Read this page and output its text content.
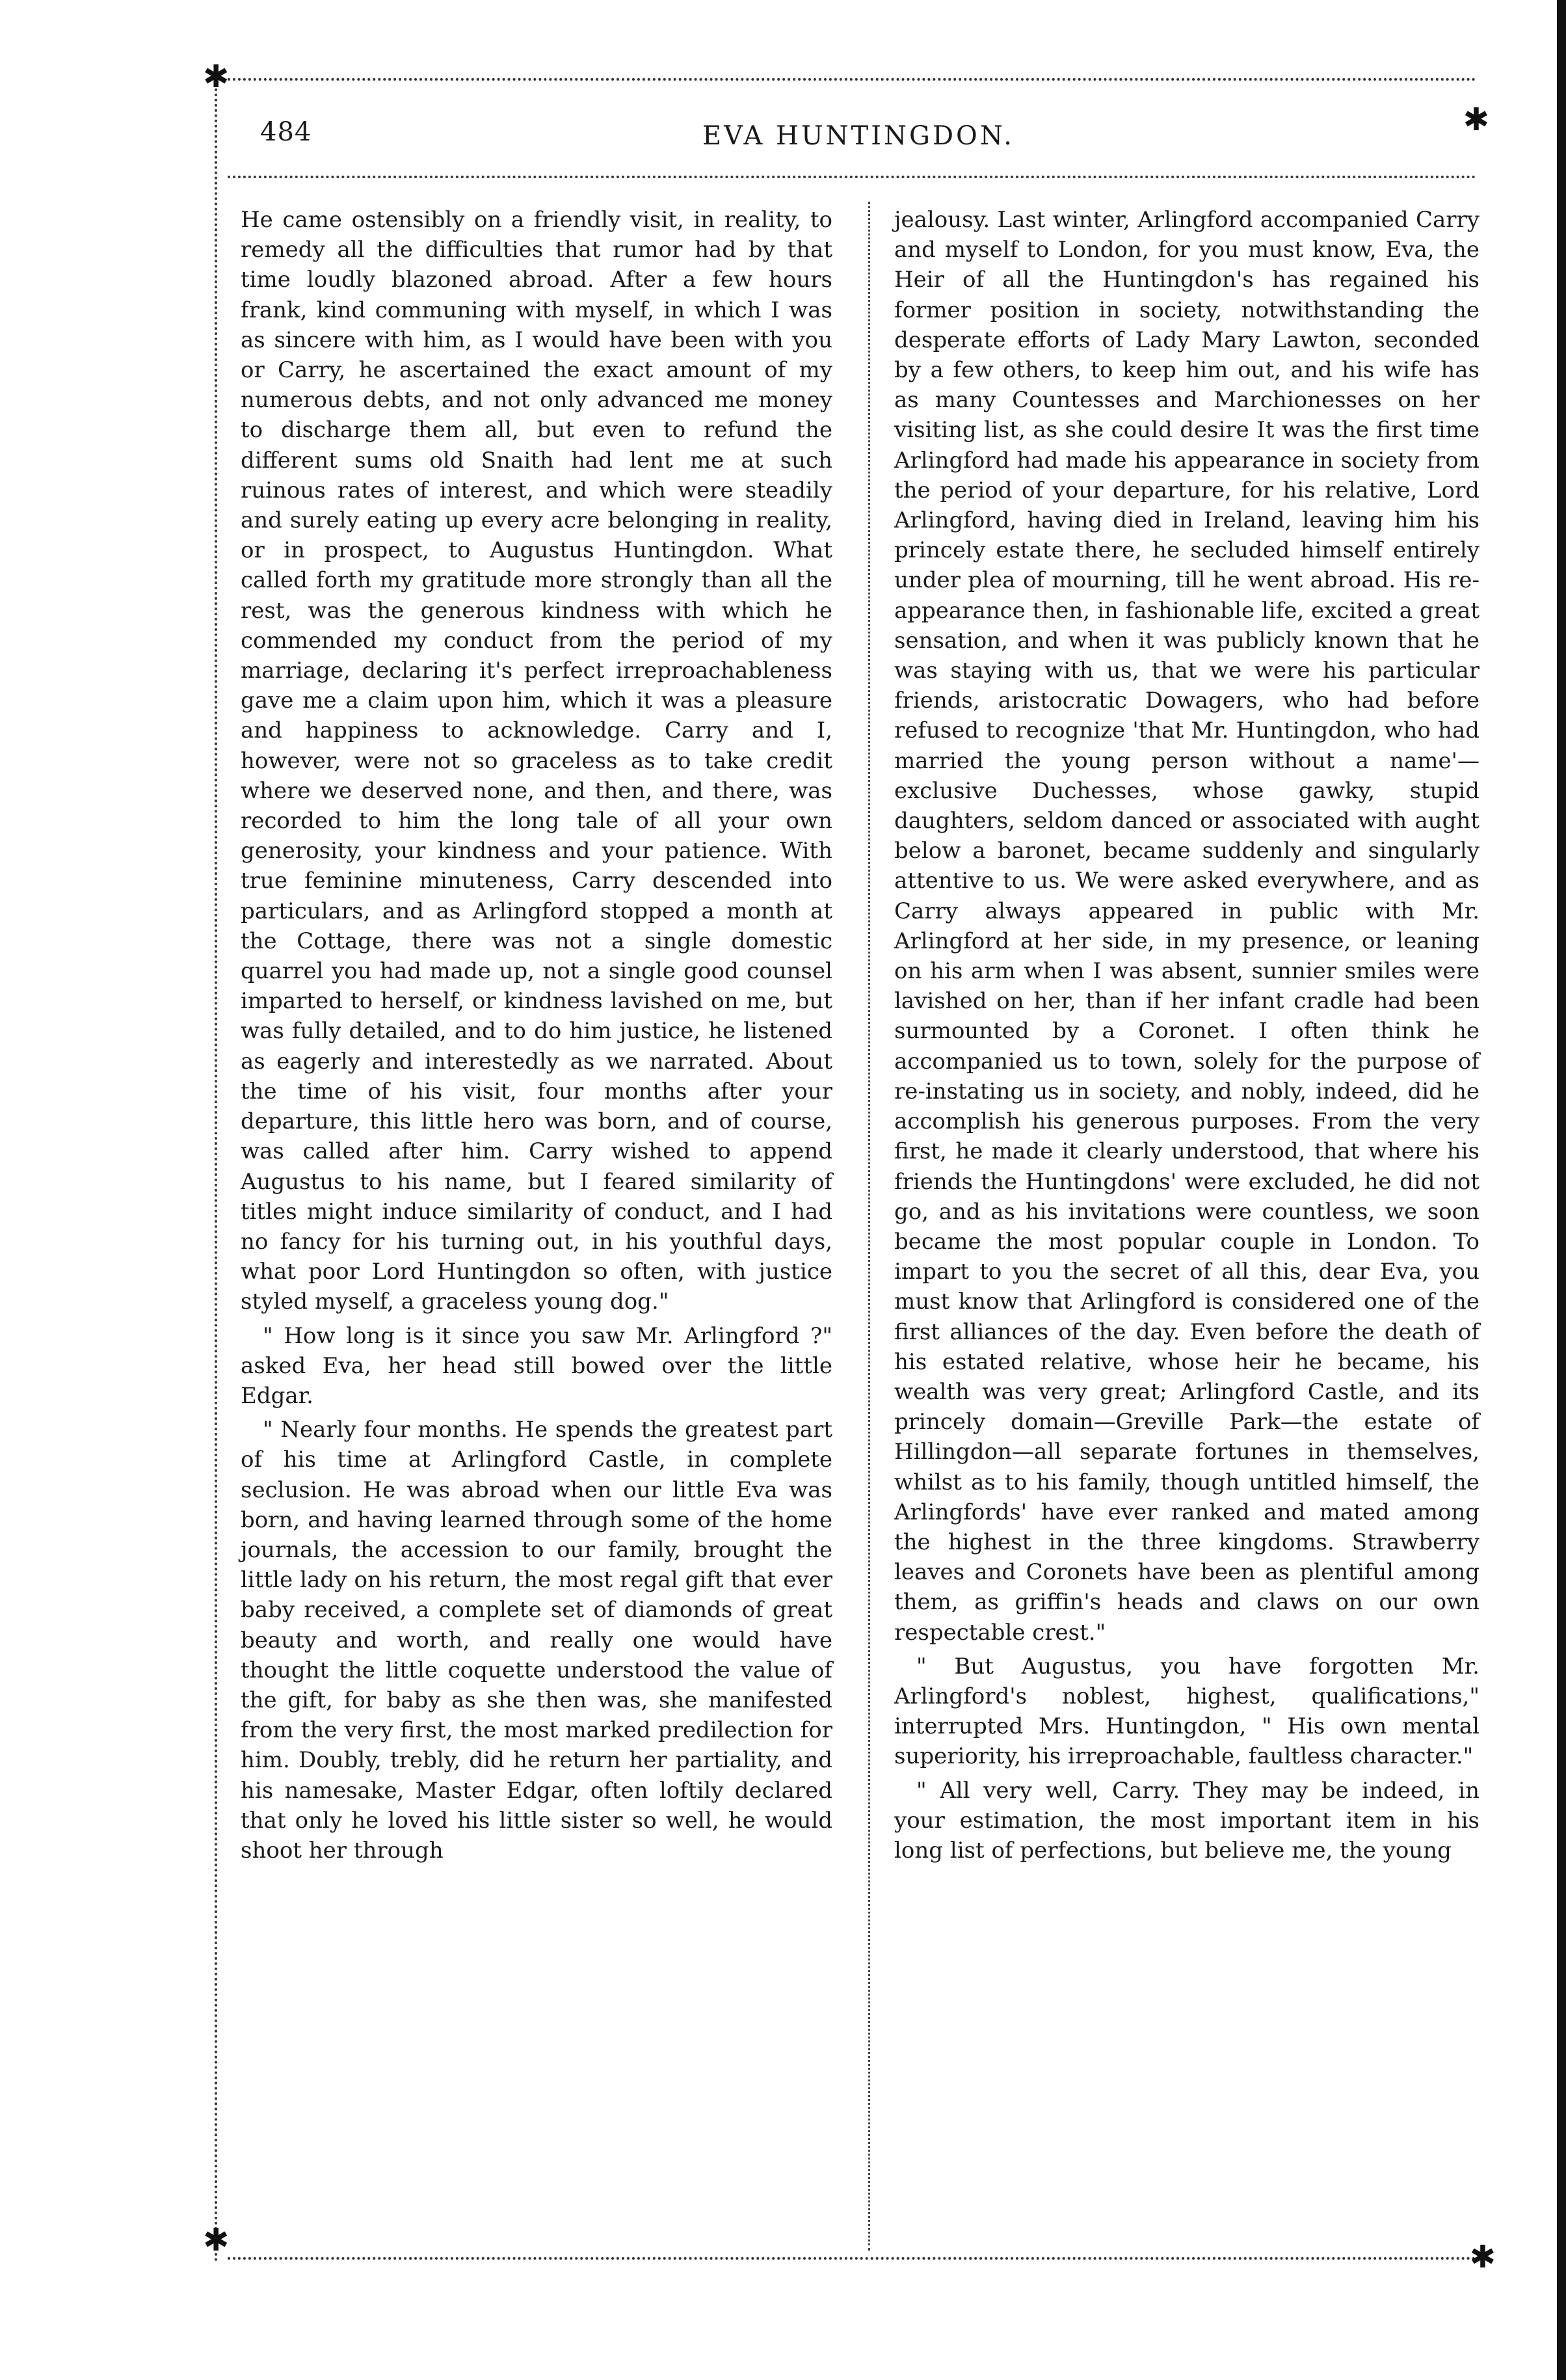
✱
✱
✱
✱
484	EVA HUNTINGDON.

He came ostensibly on a friendly visit, in reality, to remedy all the difficulties that rumor had by that time loudly blazoned abroad. After a few hours frank, kind communing with myself, in which I was as sincere with him, as I would have been with you or Carry, he ascertained the exact amount of my numerous debts, and not only advanced me money to discharge them all, but even to refund the different sums old Snaith had lent me at such ruinous rates of interest, and which were steadily and surely eating up every acre belonging in reality, or in prospect, to Augustus Huntingdon. What called forth my gratitude more strongly than all the rest, was the generous kindness with which he commended my conduct from the period of my marriage, declaring it's perfect irreproachableness gave me a claim upon him, which it was a pleasure and happiness to acknowledge. Carry and I, however, were not so graceless as to take credit where we deserved none, and then, and there, was recorded to him the long tale of all your own generosity, your kindness and your patience. With true feminine minuteness, Carry descended into particulars, and as Arlingford stopped a month at the Cottage, there was not a single domestic quarrel you had made up, not a single good counsel imparted to herself, or kindness lavished on me, but was fully detailed, and to do him justice, he listened as eagerly and interestedly as we narrated. About the time of his visit, four months after your departure, this little hero was born, and of course, was called after him. Carry wished to append Augustus to his name, but I feared similarity of titles might induce similarity of conduct, and I had no fancy for his turning out, in his youthful days, what poor Lord Huntingdon so often, with justice styled myself, a graceless young dog."

" How long is it since you saw Mr. Arlingford ?" asked Eva, her head still bowed over the little Edgar.

" Nearly four months. He spends the greatest part of his time at Arlingford Castle, in complete seclusion. He was abroad when our little Eva was born, and having learned through some of the home journals, the accession to our family, brought the little lady on his return, the most regal gift that ever baby received, a complete set of diamonds of great beauty and worth, and really one would have thought the little coquette understood the value of the gift, for baby as she then was, she manifested from the very first, the most marked predilection for him. Doubly, trebly, did he return her partiality, and his namesake, Master Edgar, often loftily declared that only he loved his little sister so well, he would shoot her through

jealousy. Last winter, Arlingford accompanied Carry and myself to London, for you must know, Eva, the Heir of all the Huntingdon's has regained his former position in society, notwithstanding the desperate efforts of Lady Mary Lawton, seconded by a few others, to keep him out, and his wife has as many Countesses and Marchionesses on her visiting list, as she could desire It was the first time Arlingford had made his appearance in society from the period of your departure, for his relative, Lord Arlingford, having died in Ireland, leaving him his princely estate there, he secluded himself entirely under plea of mourning, till he went abroad. His re-appearance then, in fashionable life, excited a great sensation, and when it was publicly known that he was staying with us, that we were his particular friends, aristocratic Dowagers, who had before refused to recognize 'that Mr. Huntingdon, who had married the young person without a name'—exclusive Duchesses, whose gawky, stupid daughters, seldom danced or associated with aught below a baronet, became suddenly and singularly attentive to us. We were asked everywhere, and as Carry always appeared in public with Mr. Arlingford at her side, in my presence, or leaning on his arm when I was absent, sunnier smiles were lavished on her, than if her infant cradle had been surmounted by a Coronet. I often think he accompanied us to town, solely for the purpose of re-instating us in society, and nobly, indeed, did he accomplish his generous purposes. From the very first, he made it clearly understood, that where his friends the Huntingdons' were excluded, he did not go, and as his invitations were countless, we soon became the most popular couple in London. To impart to you the secret of all this, dear Eva, you must know that Arlingford is considered one of the first alliances of the day. Even before the death of his estated relative, whose heir he became, his wealth was very great; Arlingford Castle, and its princely domain—Greville Park—the estate of Hillingdon—all separate fortunes in themselves, whilst as to his family, though untitled himself, the Arlingfords' have ever ranked and mated among the highest in the three kingdoms. Strawberry leaves and Coronets have been as plentiful among them, as griffin's heads and claws on our own respectable crest."

" But Augustus, you have forgotten Mr. Arlingford's noblest, highest, qualifications," interrupted Mrs. Huntingdon, " His own mental superiority, his irreproachable, faultless character."

" All very well, Carry. They may be indeed, in your estimation, the most important item in his long list of perfections, but believe me, the young
